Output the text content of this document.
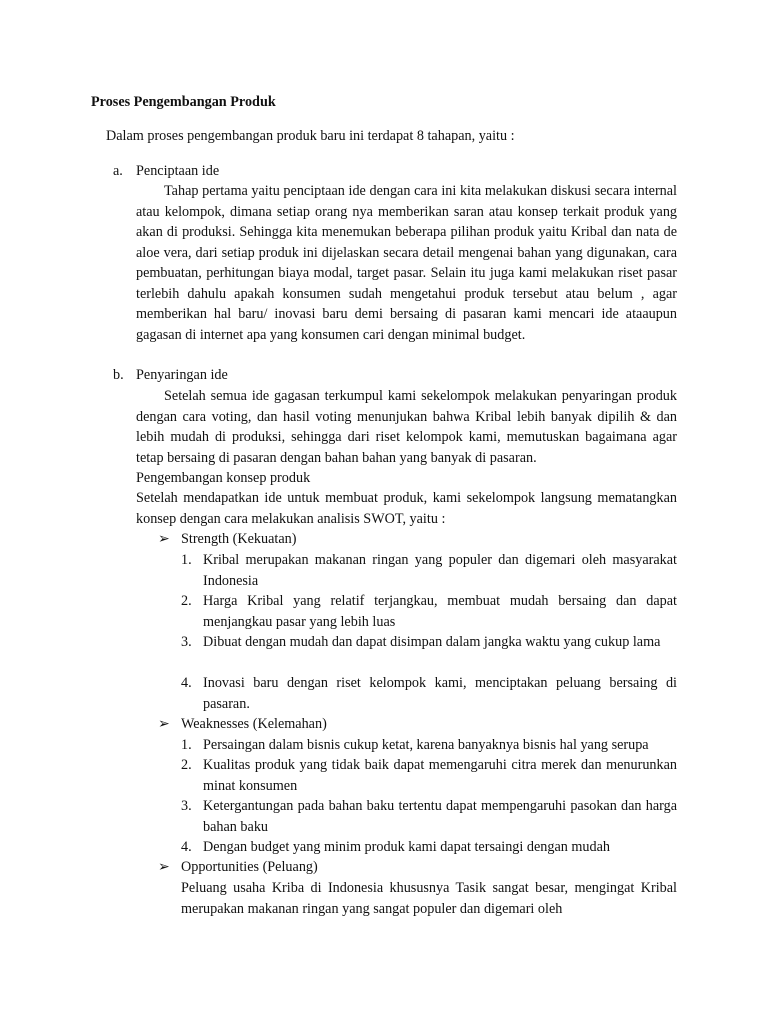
Proses Pengembangan Produk
Dalam proses pengembangan produk baru ini terdapat 8 tahapan, yaitu :
a. Penciptaan ide
Tahap pertama yaitu penciptaan ide dengan cara ini kita melakukan diskusi secara internal atau kelompok, dimana setiap orang nya memberikan saran atau konsep terkait produk yang akan di produksi. Sehingga kita menemukan beberapa pilihan produk yaitu Kribal dan nata de aloe vera, dari setiap produk ini dijelaskan secara detail mengenai bahan yang digunakan, cara pembuatan, perhitungan biaya modal, target pasar. Selain itu juga kami melakukan riset pasar terlebih dahulu apakah konsumen sudah mengetahui produk tersebut atau belum , agar memberikan hal baru/ inovasi baru demi bersaing di pasaran kami mencari ide ataaupun gagasan di internet apa yang konsumen cari dengan minimal budget.
b. Penyaringan ide
Setelah semua ide gagasan terkumpul kami sekelompok melakukan penyaringan produk dengan cara voting, dan hasil voting menunjukan bahwa Kribal lebih banyak dipilih & dan lebih mudah di produksi, sehingga dari riset kelompok kami, memutuskan bagaimana agar tetap bersaing di pasaran dengan bahan bahan yang banyak di pasaran.
Pengembangan konsep produk
Setelah mendapatkan ide untuk membuat produk, kami sekelompok langsung mematangkan konsep dengan cara melakukan analisis SWOT, yaitu :
➢ Strength (Kekuatan)
1. Kribal merupakan makanan ringan yang populer dan digemari oleh masyarakat Indonesia
2. Harga Kribal yang relatif terjangkau, membuat mudah bersaing dan dapat menjangkau pasar yang lebih luas
3. Dibuat dengan mudah dan dapat disimpan dalam jangka waktu yang cukup lama
4. Inovasi baru dengan riset kelompok kami, menciptakan peluang bersaing di pasaran.
➢ Weaknesses (Kelemahan)
1. Persaingan dalam bisnis cukup ketat, karena banyaknya bisnis hal yang serupa
2. Kualitas produk yang tidak baik dapat memengaruhi citra merek dan menurunkan minat konsumen
3. Ketergantungan pada bahan baku tertentu dapat mempengaruhi pasokan dan harga bahan baku
4. Dengan budget yang minim produk kami dapat tersaingi dengan mudah
➢ Opportunities (Peluang)
Peluang usaha Kriba di Indonesia khususnya Tasik sangat besar, mengingat Kribal merupakan makanan ringan yang sangat populer dan digemari oleh
